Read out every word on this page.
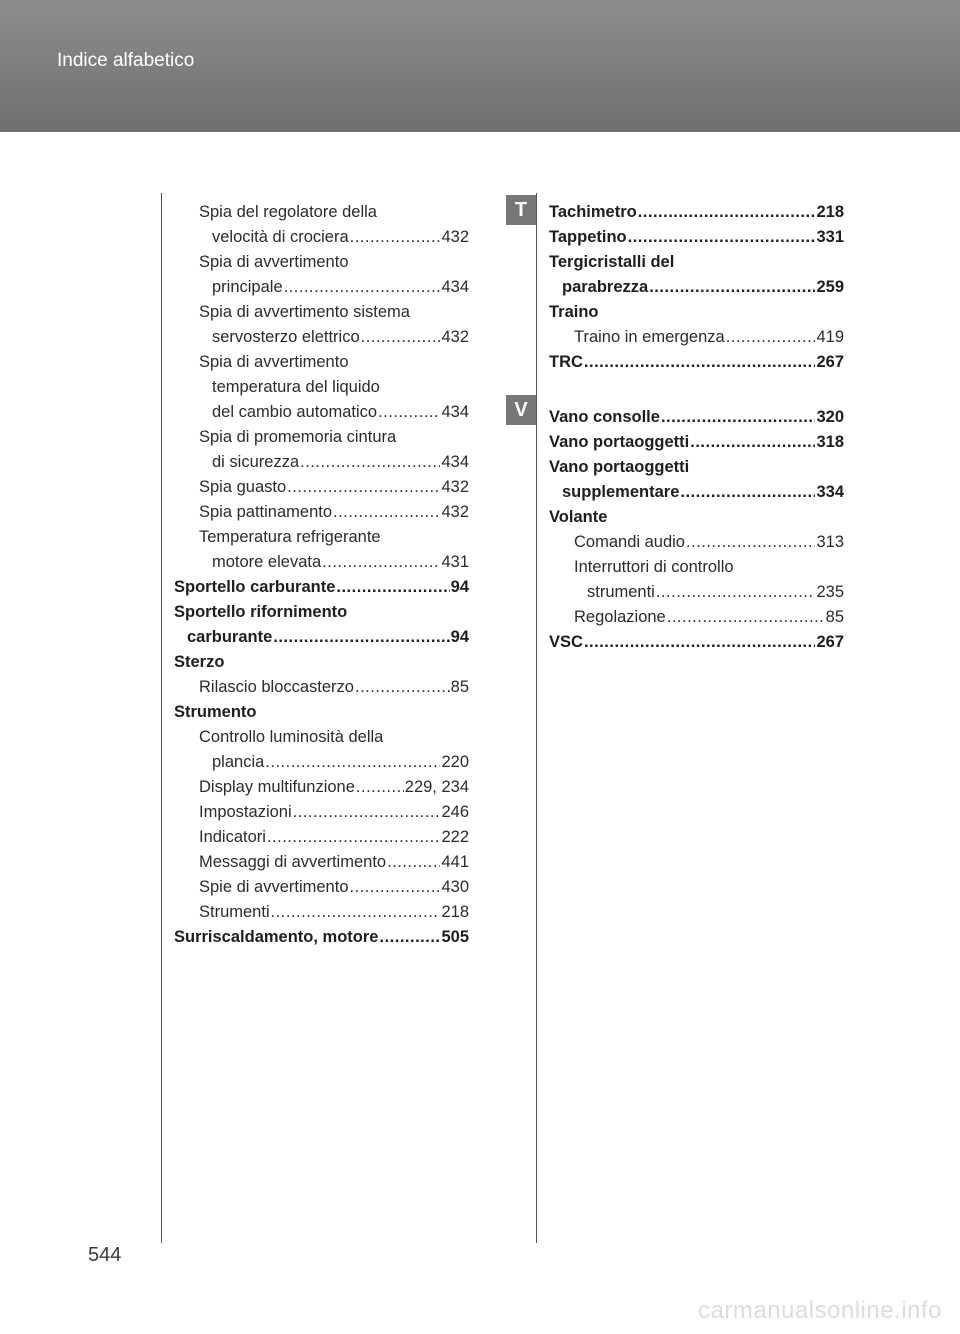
Indice alfabetico
T
V
Spia del regolatore della
velocità di crociera .....	432
Spia di avvertimento
principale .....	434
Spia di avvertimento sistema
servosterzo elettrico .....	432
Spia di avvertimento
temperatura del liquido
del cambio automatico .....	434
Spia di promemoria cintura
di sicurezza .....	434
Spia guasto .....	432
Spia pattinamento .....	432
Temperatura refrigerante
motore elevata .....	431
Sportello carburante .....	94
Sportello rifornimento
carburante .....	94
Sterzo
Rilascio bloccasterzo .....	85
Strumento
Controllo luminosità della
plancia .....	220
Display multifunzione .....	229, 234
Impostazioni .....	246
Indicatori .....	222
Messaggi di avvertimento .....	441
Spie di avvertimento .....	430
Strumenti .....	218
Surriscaldamento, motore .....	505
Tachimetro .....	218
Tappetino .....	331
Tergicristalli del
parabrezza .....	259
Traino
Traino in emergenza .....	419
TRC .....	267
Vano consolle .....	320
Vano portaoggetti .....	318
Vano portaoggetti
supplementare .....	334
Volante
Comandi audio .....	313
Interruttori di controllo
strumenti .....	235
Regolazione .....	85
VSC .....	267
544
carmanualsonline.info
